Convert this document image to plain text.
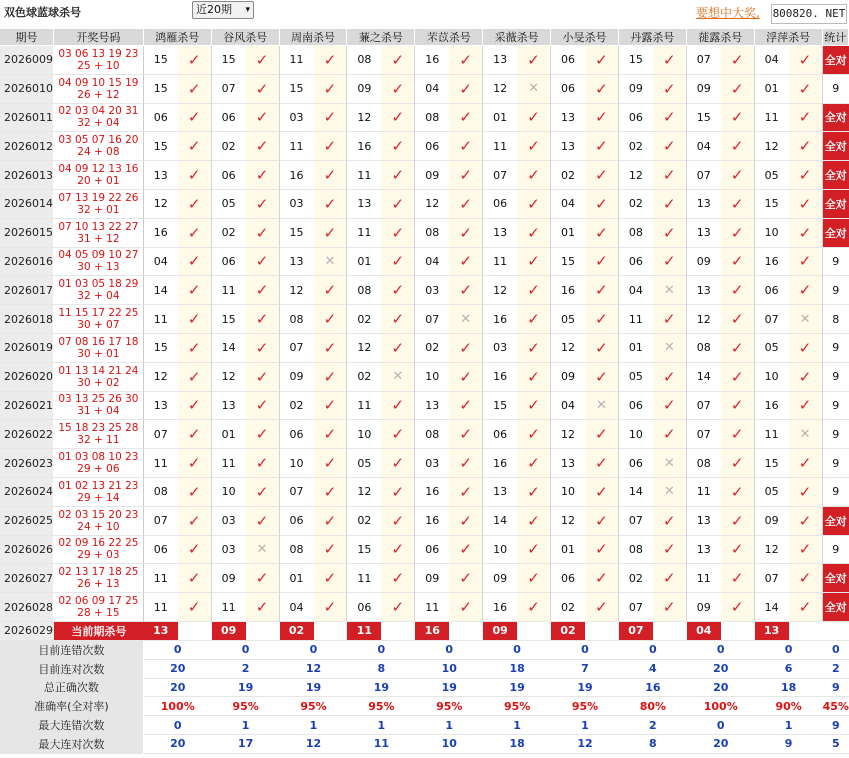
双色球蓝球杀号	近20期 ▾	要想中大奖, 800820. NET
期号	开奖号码	鸿雁杀号		谷风杀号		周南杀号		蒹之杀号		芣苡杀号		采薇杀号		小旻杀号		丹露杀号		蓰露杀号		浮萍杀号		统计
2026009	03 06 13 19 23 25 + 10	15	✓	15	✓	11	✓	08	✓	16	✓	13	✓	06	✓	15	✓	07	✓	04	✓	全对
2026010	04 09 10 15 19 26 + 12	15	✓	07	✓	15	✓	09	✓	04	✓	12	✕	06	✓	09	✓	09	✓	01	✓	9
2026011	02 03 04 20 31 32 + 04	06	✓	06	✓	03	✓	12	✓	08	✓	01	✓	13	✓	06	✓	15	✓	11	✓	全对
2026012	03 05 07 16 20 24 + 08	15	✓	02	✓	11	✓	16	✓	06	✓	11	✓	13	✓	02	✓	04	✓	12	✓	全对
2026013	04 09 12 13 16 20 + 01	13	✓	06	✓	16	✓	11	✓	09	✓	07	✓	02	✓	12	✓	07	✓	05	✓	全对
2026014	07 13 19 22 26 32 + 01	12	✓	05	✓	03	✓	13	✓	12	✓	06	✓	04	✓	02	✓	13	✓	15	✓	全对
2026015	07 10 13 22 27 31 + 12	16	✓	02	✓	15	✓	11	✓	08	✓	13	✓	01	✓	08	✓	13	✓	10	✓	全对
2026016	04 05 09 10 27 30 + 13	04	✓	06	✓	13	✕	01	✓	04	✓	11	✓	15	✓	06	✓	09	✓	16	✓	9
2026017	01 03 05 18 29 32 + 04	14	✓	11	✓	12	✓	08	✓	03	✓	12	✓	16	✓	04	✕	13	✓	06	✓	9
2026018	11 15 17 22 25 30 + 07	11	✓	15	✓	08	✓	02	✓	07	✕	16	✓	05	✓	11	✓	12	✓	07	✕	8
2026019	07 08 16 17 18 30 + 01	15	✓	14	✓	07	✓	12	✓	02	✓	03	✓	12	✓	01	✕	08	✓	05	✓	9
2026020	01 13 14 21 24 30 + 02	12	✓	12	✓	09	✓	02	✕	10	✓	16	✓	09	✓	05	✓	14	✓	10	✓	9
2026021	03 13 25 26 30 31 + 04	13	✓	13	✓	02	✓	11	✓	13	✓	15	✓	04	✕	06	✓	07	✓	16	✓	9
2026022	15 18 23 25 28 32 + 11	07	✓	01	✓	06	✓	10	✓	08	✓	06	✓	12	✓	10	✓	07	✓	11	✕	9
2026023	01 03 08 10 23 29 + 06	11	✓	11	✓	10	✓	05	✓	03	✓	16	✓	13	✓	06	✕	08	✓	15	✓	9
2026024	01 02 13 21 23 29 + 14	08	✓	10	✓	07	✓	12	✓	16	✓	13	✓	10	✓	14	✕	11	✓	05	✓	9
2026025	02 03 15 20 23 24 + 10	07	✓	03	✓	06	✓	02	✓	16	✓	14	✓	12	✓	07	✓	13	✓	09	✓	全对
2026026	02 09 16 22 25 29 + 03	06	✓	03	✕	08	✓	15	✓	06	✓	10	✓	01	✓	08	✓	13	✓	12	✓	9
2026027	02 13 17 18 25 26 + 13	11	✓	09	✓	01	✓	11	✓	09	✓	09	✓	06	✓	02	✓	11	✓	07	✓	全对
2026028	02 06 09 17 25 28 + 15	11	✓	11	✓	04	✓	06	✓	11	✓	16	✓	02	✓	07	✓	09	✓	14	✓	全对
2026029	当前期杀号	13		09		02		11		16		09		02		07		04		13		
目前连错次数		0		0		0		0		0		0		0		0		0		0		0
目前连对次数		20		2		12		8		10		18		7		4		20		6		2
总正确次数		20		19		19		19		19		19		19		16		20		18		9
准确率(全对率)		100%		95%		95%		95%		95%		95%		95%		80%		100%		90%		45%
最大连错次数		0		1		1		1		1		1		1		2		0		1		9
最大连对次数		20		17		12		11		10		18		12		8		20		9		5
